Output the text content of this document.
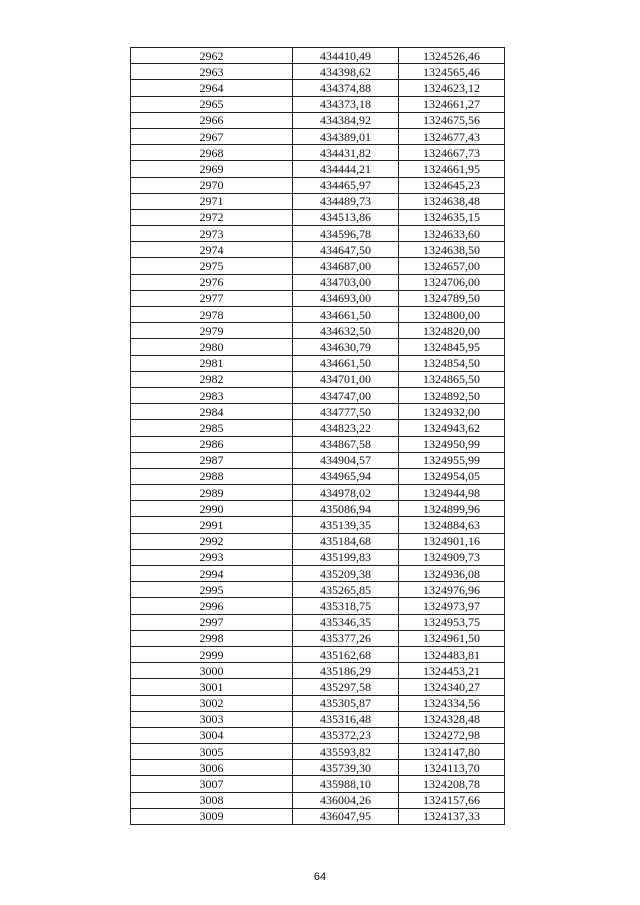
2962	434410,49	1324526,46
2963	434398,62	1324565,46
2964	434374,88	1324623,12
2965	434373,18	1324661,27
2966	434384,92	1324675,56
2967	434389,01	1324677,43
2968	434431,82	1324667,73
2969	434444,21	1324661,95
2970	434465,97	1324645,23
2971	434489,73	1324638,48
2972	434513,86	1324635,15
2973	434596,78	1324633,60
2974	434647,50	1324638,50
2975	434687,00	1324657,00
2976	434703,00	1324706,00
2977	434693,00	1324789,50
2978	434661,50	1324800,00
2979	434632,50	1324820,00
2980	434630,79	1324845,95
2981	434661,50	1324854,50
2982	434701,00	1324865,50
2983	434747,00	1324892,50
2984	434777,50	1324932,00
2985	434823,22	1324943,62
2986	434867,58	1324950,99
2987	434904,57	1324955,99
2988	434965,94	1324954,05
2989	434978,02	1324944,98
2990	435086,94	1324899,96
2991	435139,35	1324884,63
2992	435184,68	1324901,16
2993	435199,83	1324909,73
2994	435209,38	1324936,08
2995	435265,85	1324976,96
2996	435318,75	1324973,97
2997	435346,35	1324953,75
2998	435377,26	1324961,50
2999	435162,68	1324483,81
3000	435186,29	1324453,21
3001	435297,58	1324340,27
3002	435305,87	1324334,56
3003	435316,48	1324328,48
3004	435372,23	1324272,98
3005	435593,82	1324147,80
3006	435739,30	1324113,70
3007	435988,10	1324208,78
3008	436004,26	1324157,66
3009	436047,95	1324137,33
64
